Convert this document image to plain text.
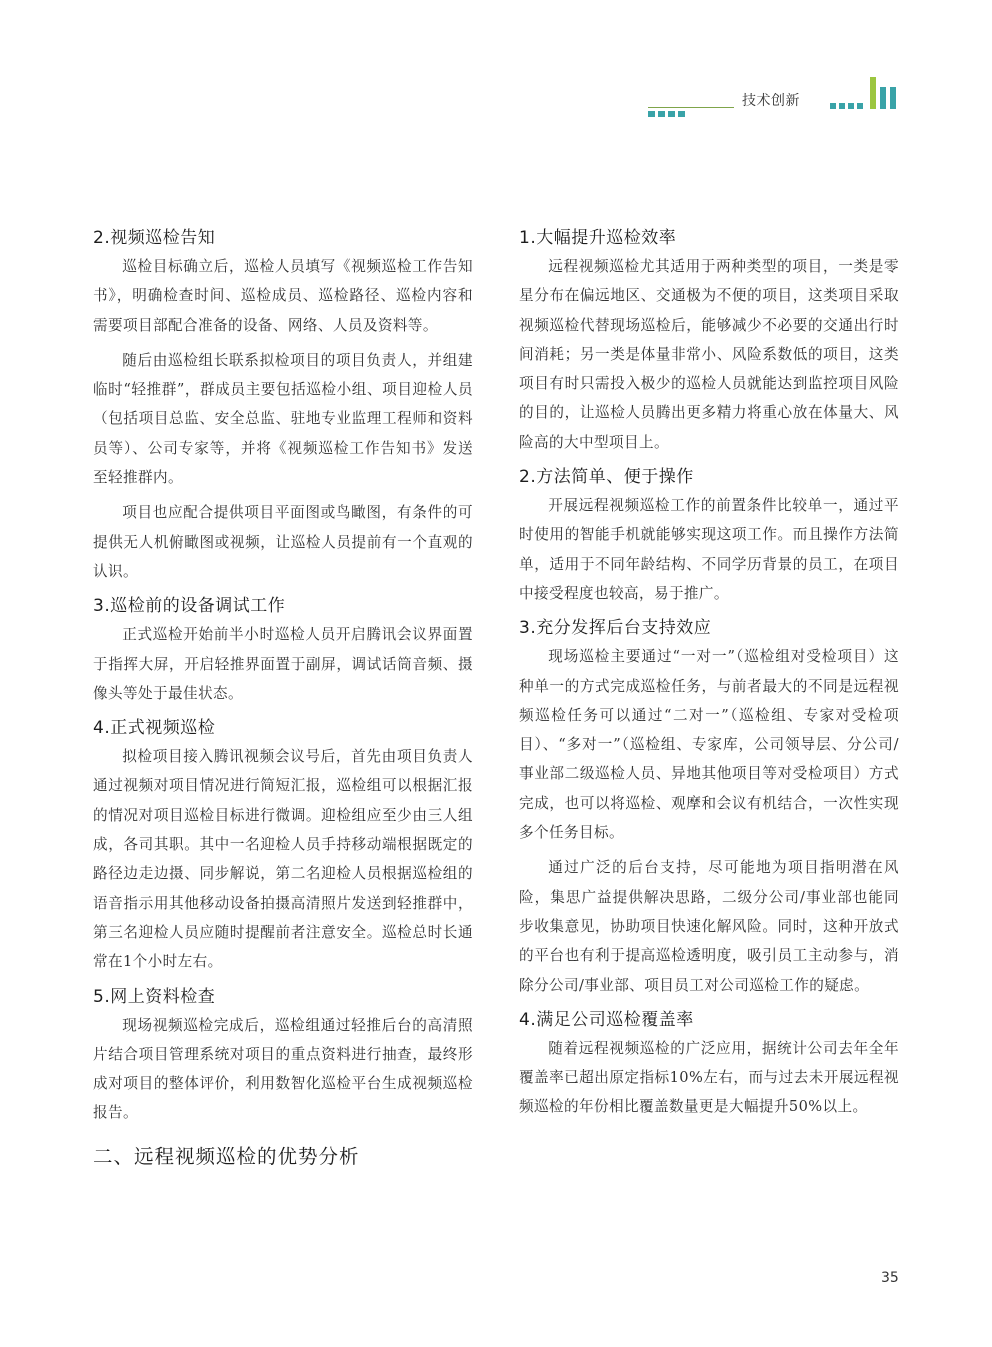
技术创新
2.视频巡检告知

巡检目标确立后，巡检人员填写《视频巡检工作告知书》，明确检查时间、巡检成员、巡检路径、巡检内容和需要项目部配合准备的设备、网络、人员及资料等。

随后由巡检组长联系拟检项目的项目负责人，并组建临时“轻推群”，群成员主要包括巡检小组、项目迎检人员（包括项目总监、安全总监、驻地专业监理工程师和资料员等）、公司专家等，并将《视频巡检工作告知书》发送至轻推群内。

项目也应配合提供项目平面图或鸟瞰图，有条件的可提供无人机俯瞰图或视频，让巡检人员提前有一个直观的认识。

3.巡检前的设备调试工作

正式巡检开始前半小时巡检人员开启腾讯会议界面置于指挥大屏，开启轻推界面置于副屏，调试话筒音频、摄像头等处于最佳状态。

4.正式视频巡检

拟检项目接入腾讯视频会议号后，首先由项目负责人通过视频对项目情况进行简短汇报，巡检组可以根据汇报的情况对项目巡检目标进行微调。迎检组应至少由三人组成，各司其职。其中一名迎检人员手持移动端根据既定的路径边走边摄、同步解说，第二名迎检人员根据巡检组的语音指示用其他移动设备拍摄高清照片发送到轻推群中，第三名迎检人员应随时提醒前者注意安全。巡检总时长通常在1个小时左右。

5.网上资料检查

现场视频巡检完成后，巡检组通过轻推后台的高清照片结合项目管理系统对项目的重点资料进行抽查，最终形成对项目的整体评价，利用数智化巡检平台生成视频巡检报告。

二、远程视频巡检的优势分析
1.大幅提升巡检效率

远程视频巡检尤其适用于两种类型的项目，一类是零星分布在偏远地区、交通极为不便的项目，这类项目采取视频巡检代替现场巡检后，能够减少不必要的交通出行时间消耗；另一类是体量非常小、风险系数低的项目，这类项目有时只需投入极少的巡检人员就能达到监控项目风险的目的，让巡检人员腾出更多精力将重心放在体量大、风险高的大中型项目上。

2.方法简单、便于操作

开展远程视频巡检工作的前置条件比较单一，通过平时使用的智能手机就能够实现这项工作。而且操作方法简单，适用于不同年龄结构、不同学历背景的员工，在项目中接受程度也较高，易于推广。

3.充分发挥后台支持效应

现场巡检主要通过“一对一”（巡检组对受检项目）这种单一的方式完成巡检任务，与前者最大的不同是远程视频巡检任务可以通过“二对一”（巡检组、专家对受检项目）、“多对一”（巡检组、专家库，公司领导层、分公司/事业部二级巡检人员、异地其他项目等对受检项目）方式完成，也可以将巡检、观摩和会议有机结合，一次性实现多个任务目标。

通过广泛的后台支持，尽可能地为项目指明潜在风险，集思广益提供解决思路，二级分公司/事业部也能同步收集意见，协助项目快速化解风险。同时，这种开放式的平台也有利于提高巡检透明度，吸引员工主动参与，消除分公司/事业部、项目员工对公司巡检工作的疑虑。

4.满足公司巡检覆盖率

随着远程视频巡检的广泛应用，据统计公司去年全年覆盖率已超出原定指标10%左右，而与过去未开展远程视频巡检的年份相比覆盖数量更是大幅提升50%以上。

35
